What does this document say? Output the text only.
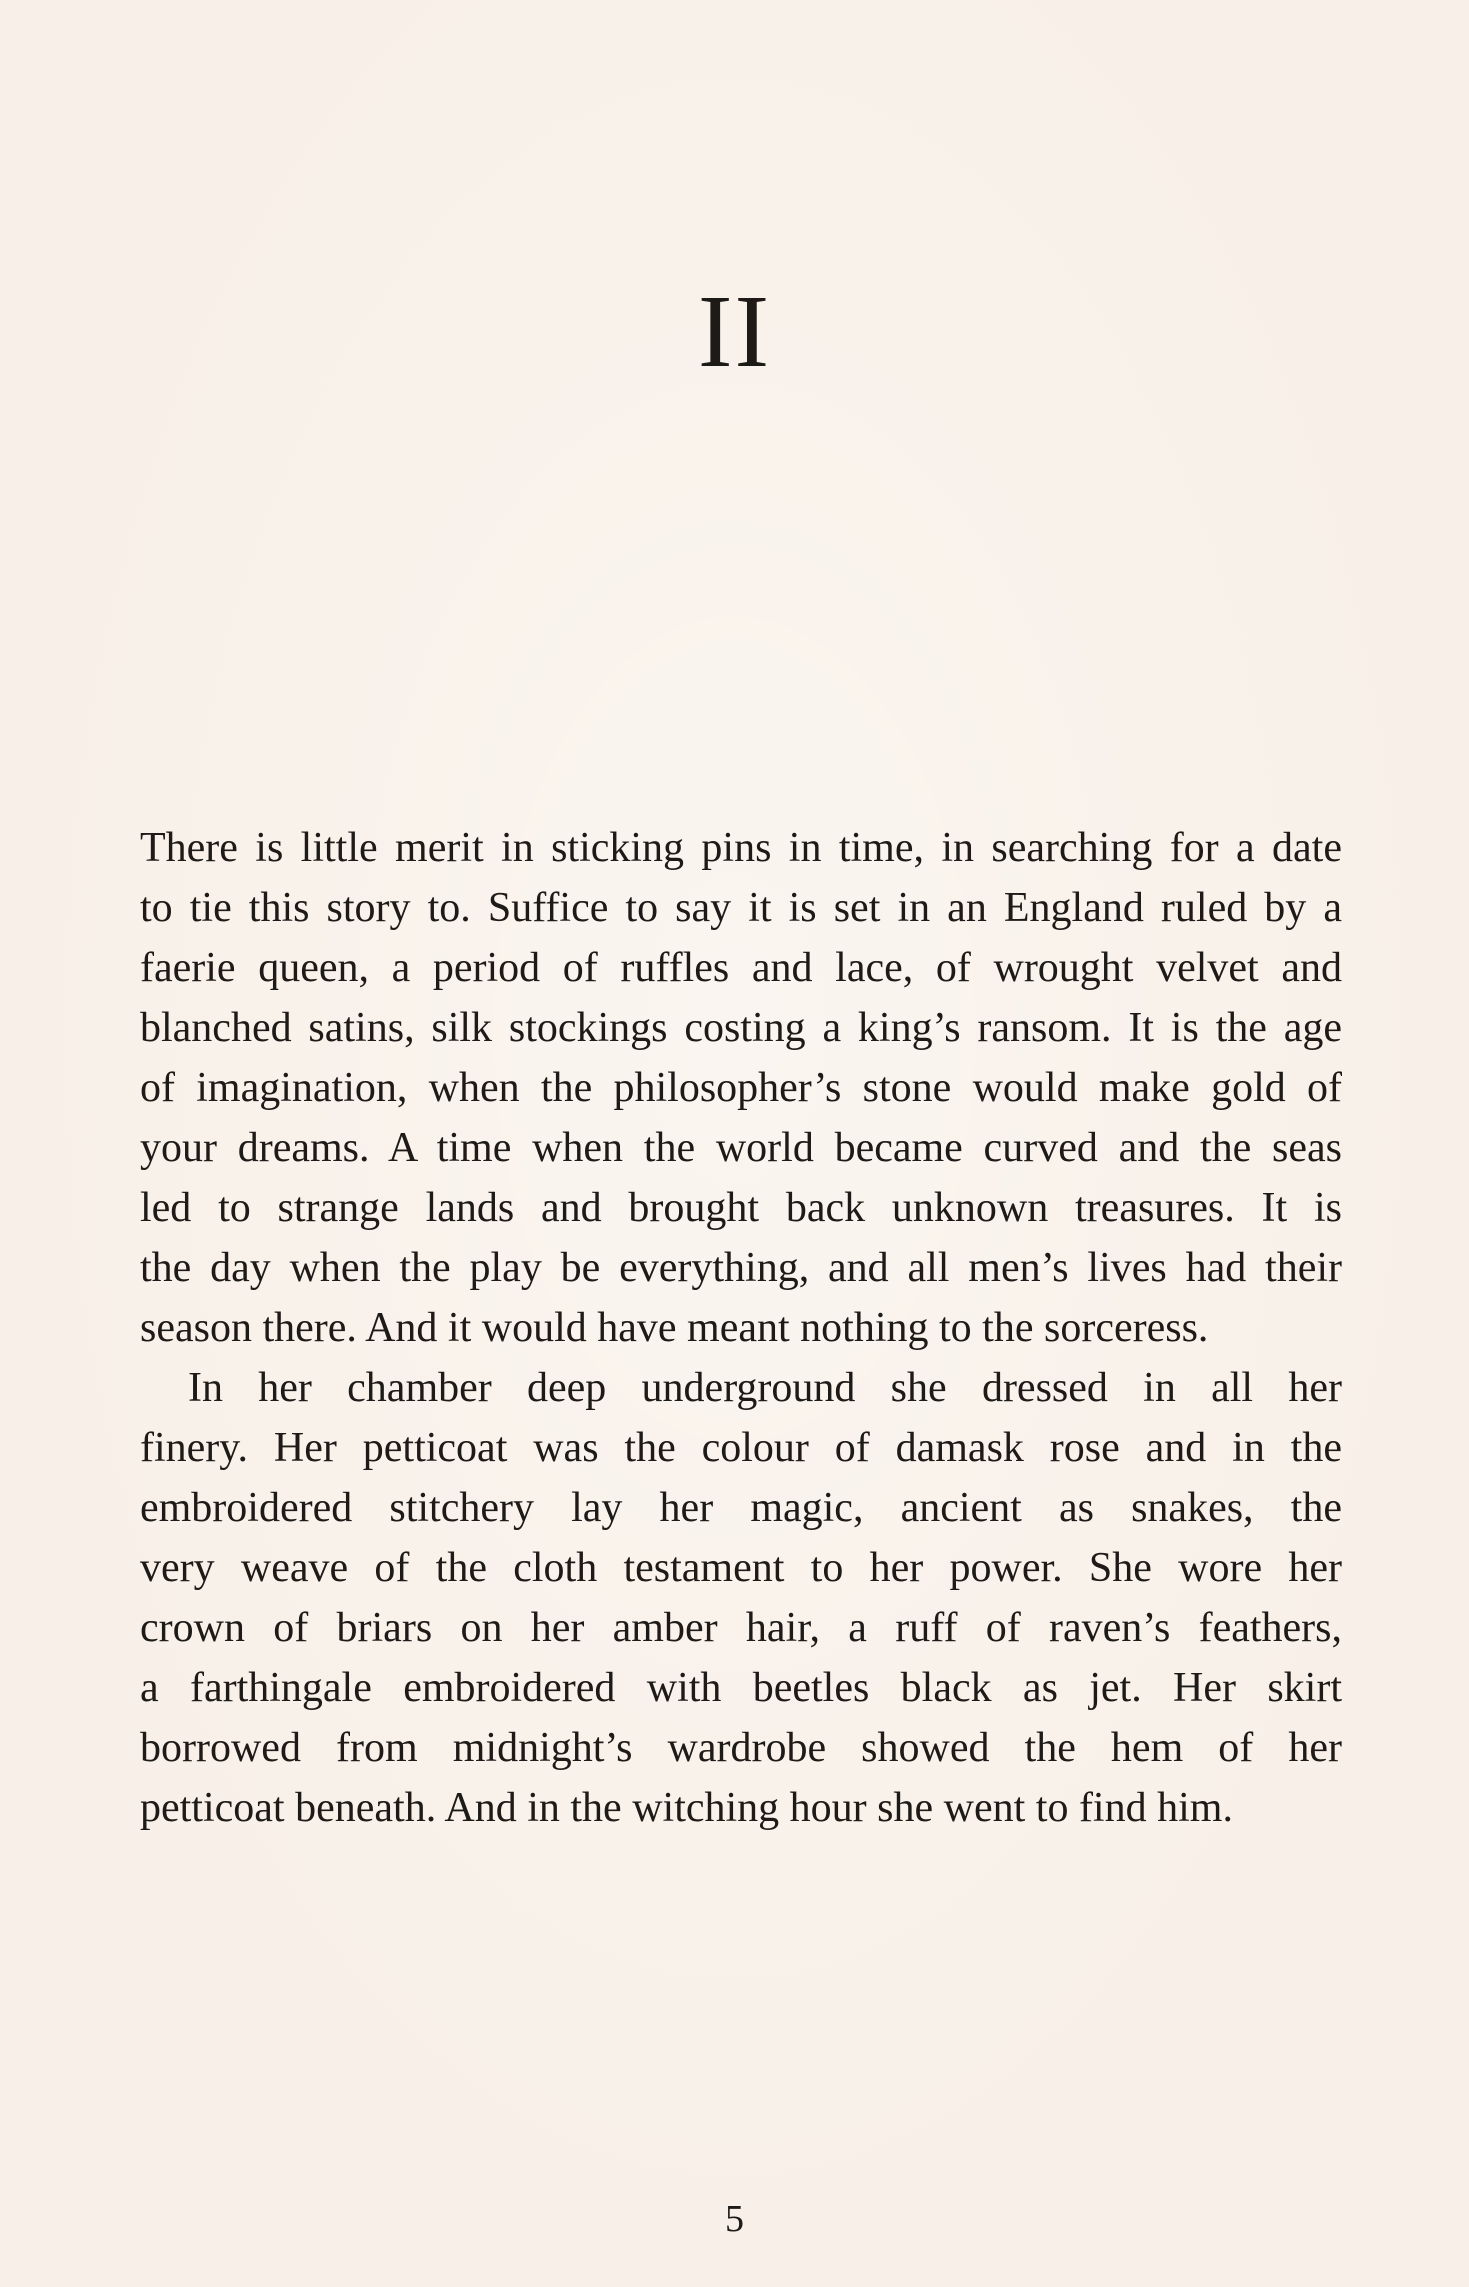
II

There is little merit in sticking pins in time, in searching for a date
to tie this story to. Suffice to say it is set in an England ruled by a
faerie queen, a period of ruffles and lace, of wrought velvet and
blanched satins, silk stockings costing a king’s ransom. It is the age
of imagination, when the philosopher’s stone would make gold of
your dreams. A time when the world became curved and the seas
led to strange lands and brought back unknown treasures. It is
the day when the play be everything, and all men’s lives had their
season there. And it would have meant nothing to the sorceress.

In her chamber deep underground she dressed in all her
finery. Her petticoat was the colour of damask rose and in the
embroidered stitchery lay her magic, ancient as snakes, the
very weave of the cloth testament to her power. She wore her
crown of briars on her amber hair, a ruff of raven’s feathers,
a farthingale embroidered with beetles black as jet. Her skirt
borrowed from midnight’s wardrobe showed the hem of her
petticoat beneath. And in the witching hour she went to find him.

5
